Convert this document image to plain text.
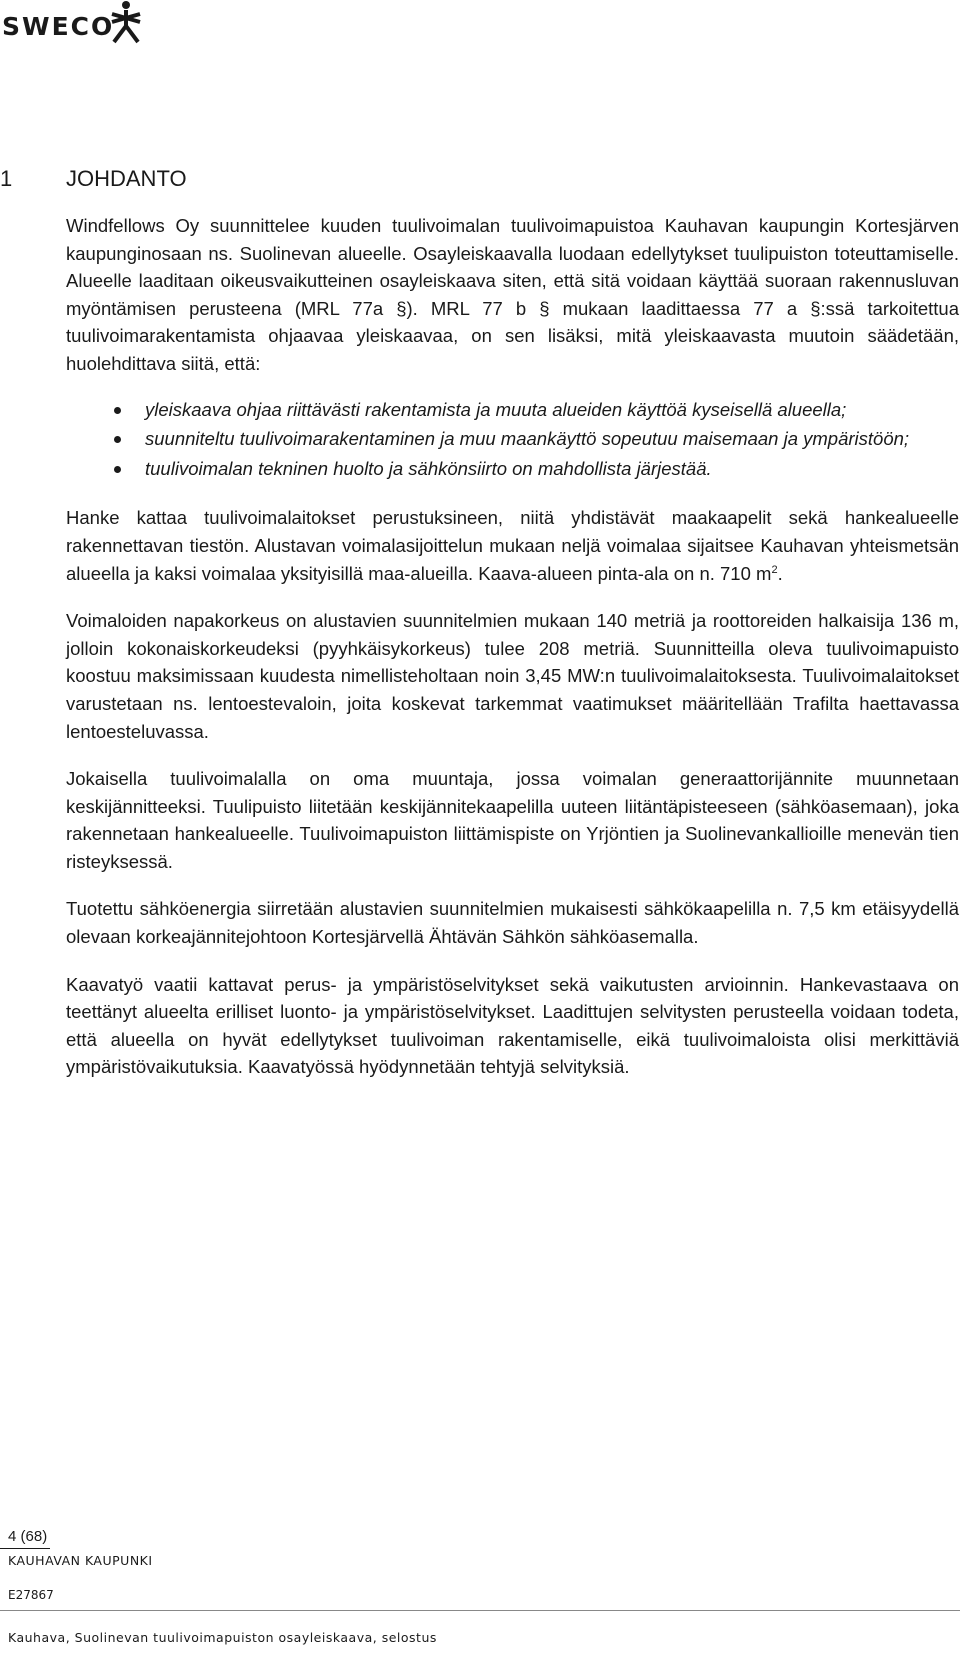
SWECO
1 JOHDANTO

Windfellows Oy suunnittelee kuuden tuulivoimalan tuulivoimapuistoa Kauhavan kaupungin Kortesjärven kaupunginosaan ns. Suolinevan alueelle. Osayleiskaavalla luodaan edellytykset tuulipuiston toteuttamiselle. Alueelle laaditaan oikeusvaikutteinen osayleiskaava siten, että sitä voidaan käyttää suoraan rakennusluvan myöntämisen perusteena (MRL 77a §). MRL 77 b § mukaan laadittaessa 77 a §:ssä tarkoitettua tuulivoimarakentamista ohjaavaa yleiskaavaa, on sen lisäksi, mitä yleiskaavasta muutoin säädetään, huolehdittava siitä, että:

yleiskaava ohjaa riittävästi rakentamista ja muuta alueiden käyttöä kyseisellä alueella;
suunniteltu tuulivoimarakentaminen ja muu maankäyttö sopeutuu maisemaan ja ympäristöön;
tuulivoimalan tekninen huolto ja sähkönsiirto on mahdollista järjestää.

Hanke kattaa tuulivoimalaitokset perustuksineen, niitä yhdistävät maakaapelit sekä hankealueelle rakennettavan tiestön. Alustavan voimalasijoittelun mukaan neljä voimalaa sijaitsee Kauhavan yhteismetsän alueella ja kaksi voimalaa yksityisillä maa-alueilla. Kaava-alueen pinta-ala on n. 710 $m^2$.

Voimaloiden napakorkeus on alustavien suunnitelmien mukaan 140 metriä ja roottoreiden halkaisija 136 m, jolloin kokonaiskorkeudeksi (pyyhkäisykorkeus) tulee 208 metriä. Suunnitteilla oleva tuulivoimapuisto koostuu maksimissaan kuudesta nimellisteholtaan noin 3,45 MW:n tuulivoimalaitoksesta. Tuulivoimalaitokset varustetaan ns. lentoestevaloin, joita koskevat tarkemmat vaatimukset määritellään Trafilta haettavassa lentoesteluvassa.

Jokaisella tuulivoimalalla on oma muuntaja, jossa voimalan generaattorijännite muunnetaan keskijännitteeksi. Tuulipuisto liitetään keskijännitekaapelilla uuteen liitäntäpisteeseen (sähköasemaan), joka rakennetaan hankealueelle. Tuulivoimapuiston liittämispiste on Yrjöntien ja Suolinevankallioille menevän tien risteyksessä.

Tuotettu sähköenergia siirretään alustavien suunnitelmien mukaisesti sähkökaapelilla n. 7,5 km etäisyydellä olevaan korkeajännitejohtoon Kortesjärvellä Ähtävän Sähkön sähköasemalla.

Kaavatyö vaatii kattavat perus- ja ympäristöselvitykset sekä vaikutusten arvioinnin. Hankevastaava on teettänyt alueelta erilliset luonto- ja ympäristöselvitykset. Laadittujen selvitysten perusteella voidaan todeta, että alueella on hyvät edellytykset tuulivoiman rakentamiselle, eikä tuulivoimaloista olisi merkittäviä ympäristövaikutuksia. Kaavatyössä hyödynnetään tehtyjä selvityksiä.

4 (68)
KAUHAVAN KAUPUNKI
E27867
Kauhava, Suolinevan tuulivoimapuiston osayleiskaava, selostus
